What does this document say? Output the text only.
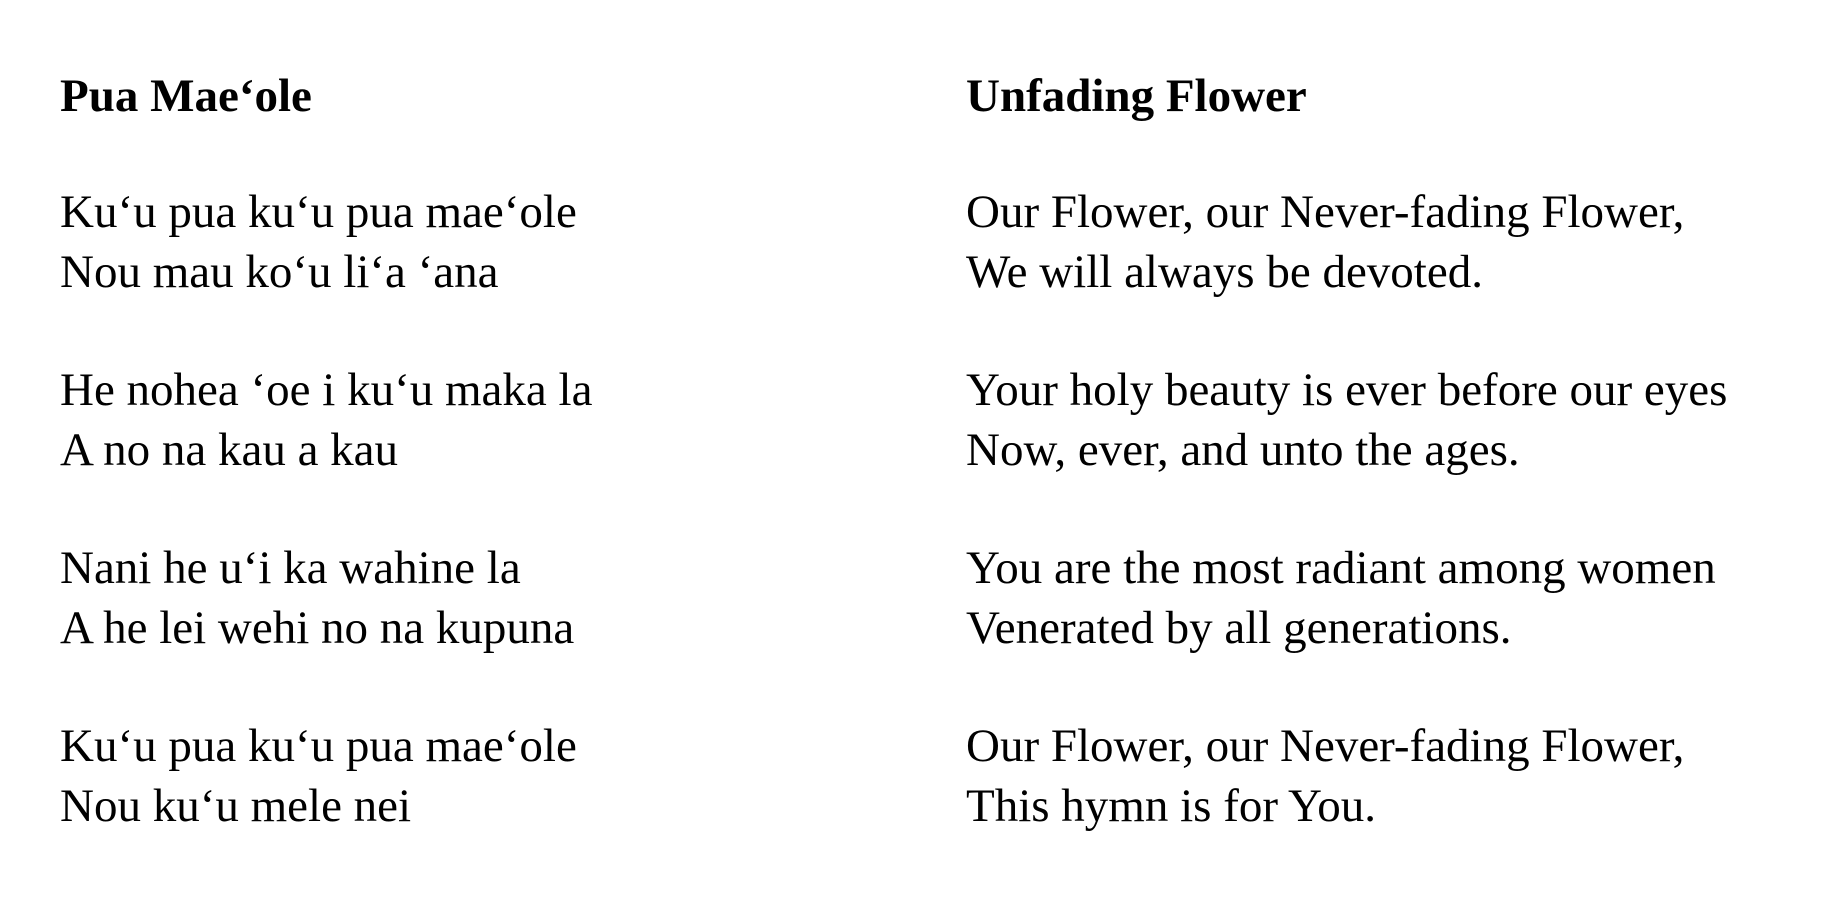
Pua Mae‘ole
Ku‘u pua ku‘u pua mae‘ole
Nou mau ko‘u li‘a ‘ana
He nohea ‘oe i ku‘u maka la
A no na kau a kau
Nani he u‘i ka wahine la
A he lei wehi no na kupuna
Ku‘u pua ku‘u pua mae‘ole
Nou ku‘u mele nei
Unfading Flower
Our Flower, our Never-fading Flower,
We will always be devoted.
Your holy beauty is ever before our eyes
Now, ever, and unto the ages.
You are the most radiant among women
Venerated by all generations.
Our Flower, our Never-fading Flower,
This hymn is for You.
